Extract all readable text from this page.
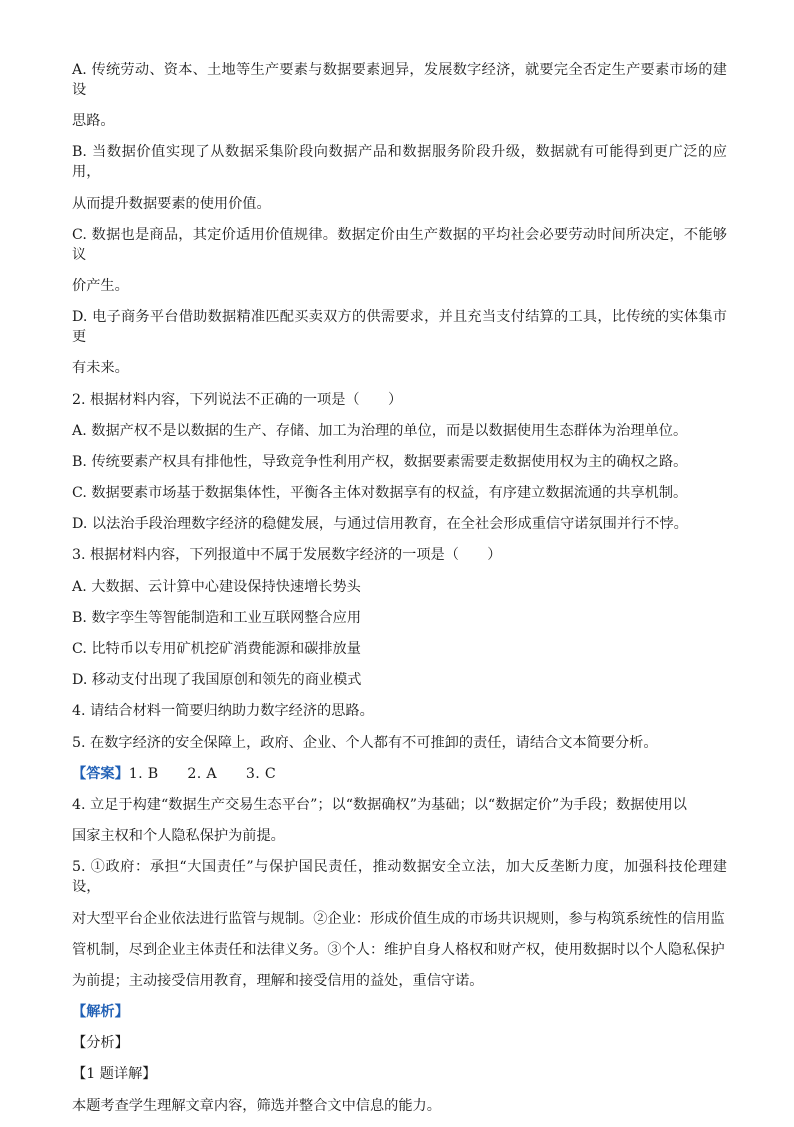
A. 传统劳动、资本、土地等生产要素与数据要素迥异，发展数字经济，就要完全否定生产要素市场的建设

思路。

B. 当数据价值实现了从数据采集阶段向数据产品和数据服务阶段升级，数据就有可能得到更广泛的应用，

从而提升数据要素的使用价值。

C. 数据也是商品，其定价适用价值规律。数据定价由生产数据的平均社会必要劳动时间所决定，不能够议

价产生。

D. 电子商务平台借助数据精准匹配买卖双方的供需要求，并且充当支付结算的工具，比传统的实体集市更

有未来。

2. 根据材料内容，下列说法不正确的一项是（　　）

A. 数据产权不是以数据的生产、存储、加工为治理的单位，而是以数据使用生态群体为治理单位。

B. 传统要素产权具有排他性，导致竞争性利用产权，数据要素需要走数据使用权为主的确权之路。

C. 数据要素市场基于数据集体性，平衡各主体对数据享有的权益，有序建立数据流通的共享机制。

D. 以法治手段治理数字经济的稳健发展，与通过信用教育，在全社会形成重信守诺氛围并行不悖。

3. 根据材料内容，下列报道中不属于发展数字经济的一项是（　　）

A. 大数据、云计算中心建设保持快速增长势头

B. 数字孪生等智能制造和工业互联网整合应用

C. 比特币以专用矿机挖矿消费能源和碳排放量

D. 移动支付出现了我国原创和领先的商业模式

4. 请结合材料一简要归纳助力数字经济的思路。

5. 在数字经济的安全保障上，政府、企业、个人都有不可推卸的责任，请结合文本简要分析。

【答案】1. B　　2. A　　3. C

4. 立足于构建“数据生产交易生态平台”；以“数据确权”为基础；以“数据定价”为手段；数据使用以

国家主权和个人隐私保护为前提。

5. ①政府：承担“大国责任”与保护国民责任，推动数据安全立法，加大反垄断力度，加强科技伦理建设，

对大型平台企业依法进行监管与规制。②企业：形成价值生成的市场共识规则，参与构筑系统性的信用监

管机制，尽到企业主体责任和法律义务。③个人：维护自身人格权和财产权，使用数据时以个人隐私保护

为前提；主动接受信用教育，理解和接受信用的益处，重信守诺。

【解析】

【分析】

【1 题详解】

本题考查学生理解文章内容，筛选并整合文中信息的能力。
